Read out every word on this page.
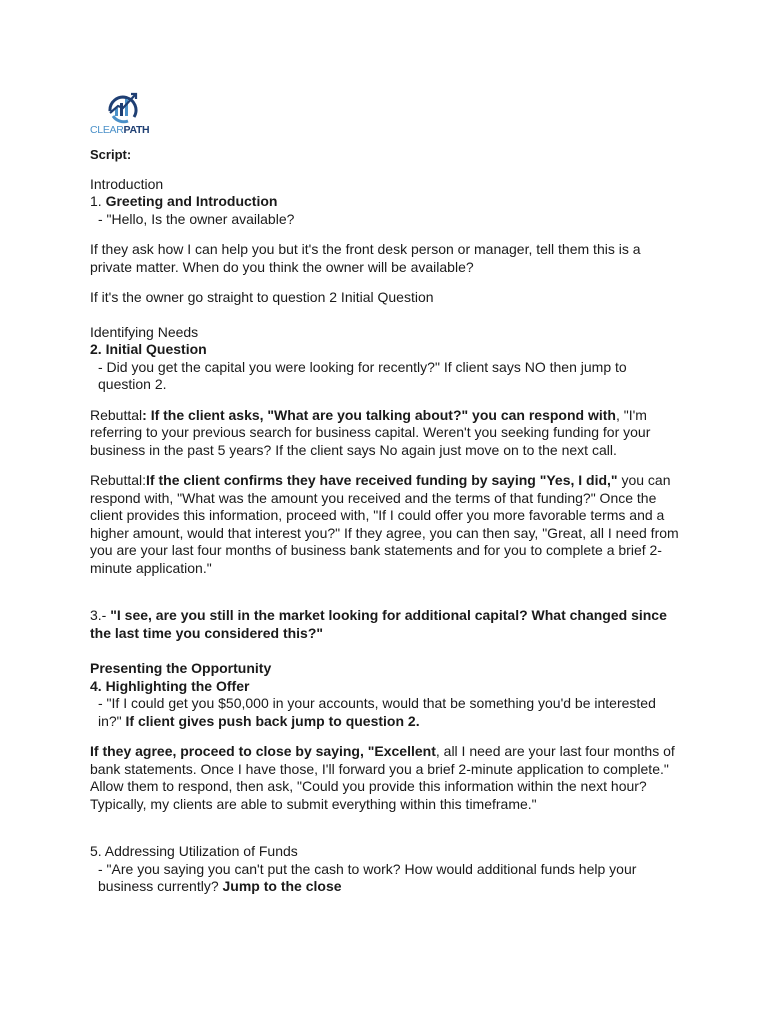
CLEARPATH

Script:

Introduction

1. Greeting and Introduction

- "Hello, Is the owner available?

If they ask how I can help you but it's the front desk person or manager, tell them this is a private matter. When do you think the owner will be available?

If it's the owner go straight to question 2 Initial Question

Identifying Needs

2. Initial Question

- Did you get the capital you were looking for recently?" If client says NO then jump to question 2.

Rebuttal: If the client asks, "What are you talking about?" you can respond with, "I'm referring to your previous search for business capital. Weren't you seeking funding for your business in the past 5 years? If the client says No again just move on to the next call.

Rebuttal:If the client confirms they have received funding by saying "Yes, I did," you can respond with, "What was the amount you received and the terms of that funding?" Once the client provides this information, proceed with, "If I could offer you more favorable terms and a higher amount, would that interest you?" If they agree, you can then say, "Great, all I need from you are your last four months of business bank statements and for you to complete a brief 2-minute application."

3.- "I see, are you still in the market looking for additional capital? What changed since the last time you considered this?"

Presenting the Opportunity

4. Highlighting the Offer

- "If I could get you $50,000 in your accounts, would that be something you'd be interested in?" If client gives push back jump to question 2.

If they agree, proceed to close by saying, "Excellent, all I need are your last four months of bank statements. Once I have those, I'll forward you a brief 2-minute application to complete." Allow them to respond, then ask, "Could you provide this information within the next hour? Typically, my clients are able to submit everything within this timeframe."

5. Addressing Utilization of Funds

- "Are you saying you can't put the cash to work? How would additional funds help your business currently? Jump to the close
